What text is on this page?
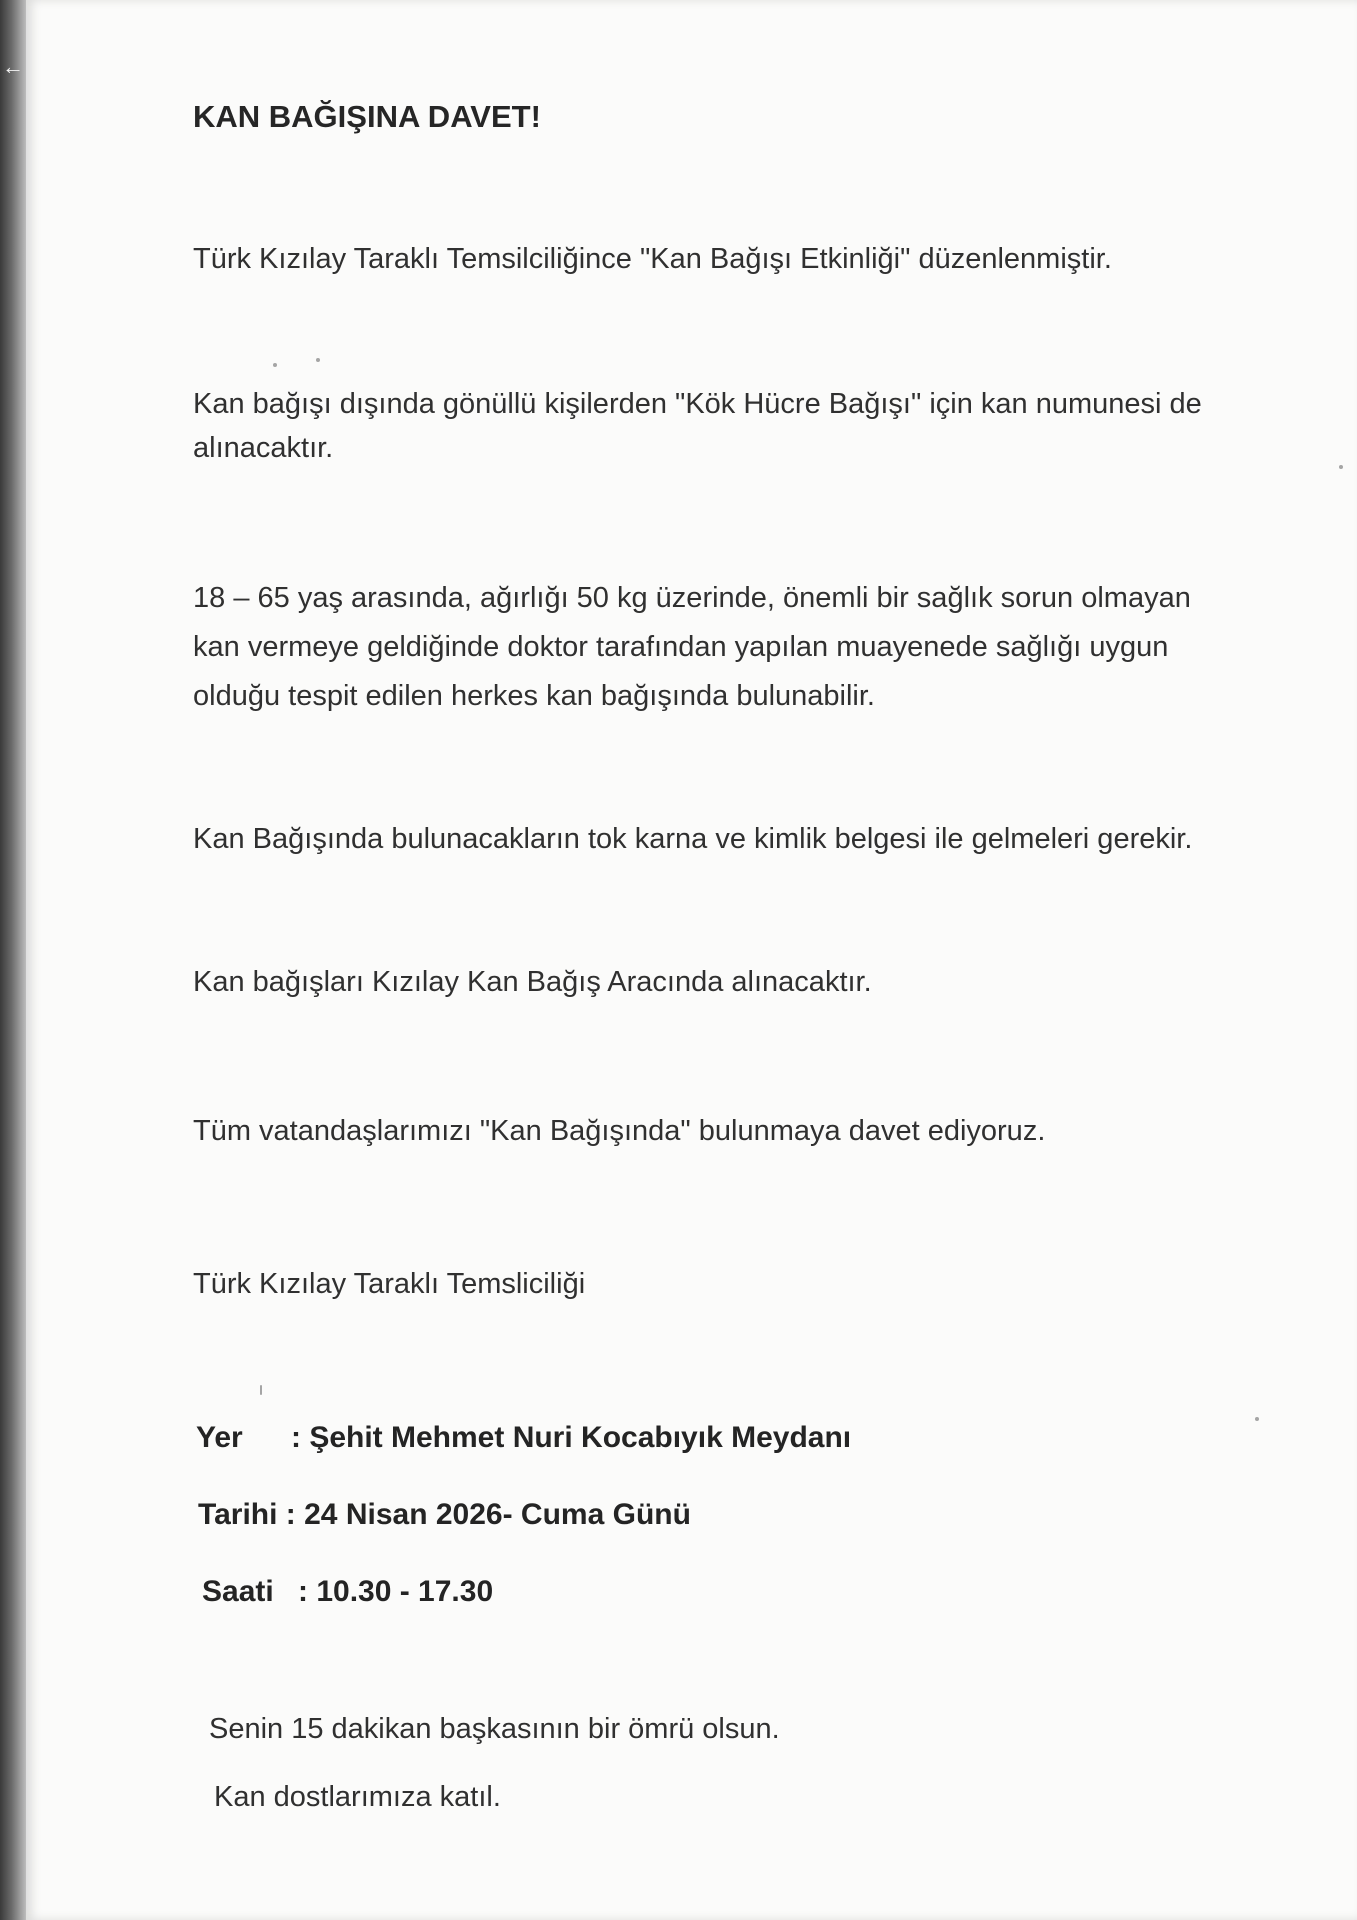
←
KAN BAĞIŞINA DAVET!
Türk Kızılay Taraklı Temsilciliğince "Kan Bağışı Etkinliği" düzenlenmiştir.
Kan bağışı dışında gönüllü kişilerden "Kök Hücre Bağışı" için kan numunesi de
alınacaktır.
18 – 65 yaş arasında, ağırlığı 50 kg üzerinde, önemli bir sağlık sorun olmayan
kan vermeye geldiğinde doktor tarafından yapılan muayenede sağlığı uygun
olduğu tespit edilen herkes kan bağışında bulunabilir.
Kan Bağışında bulunacakların tok karna ve kimlik belgesi ile gelmeleri gerekir.
Kan bağışları Kızılay Kan Bağış Aracında alınacaktır.
Tüm vatandaşlarımızı "Kan Bağışında" bulunmaya davet ediyoruz.
Türk Kızılay Taraklı Temsliciliği
Yer : Şehit Mehmet Nuri Kocabıyık Meydanı
Tarihi : 24 Nisan 2026- Cuma Günü
Saati : 10.30 - 17.30
Senin 15 dakikan başkasının bir ömrü olsun.
Kan dostlarımıza katıl.
